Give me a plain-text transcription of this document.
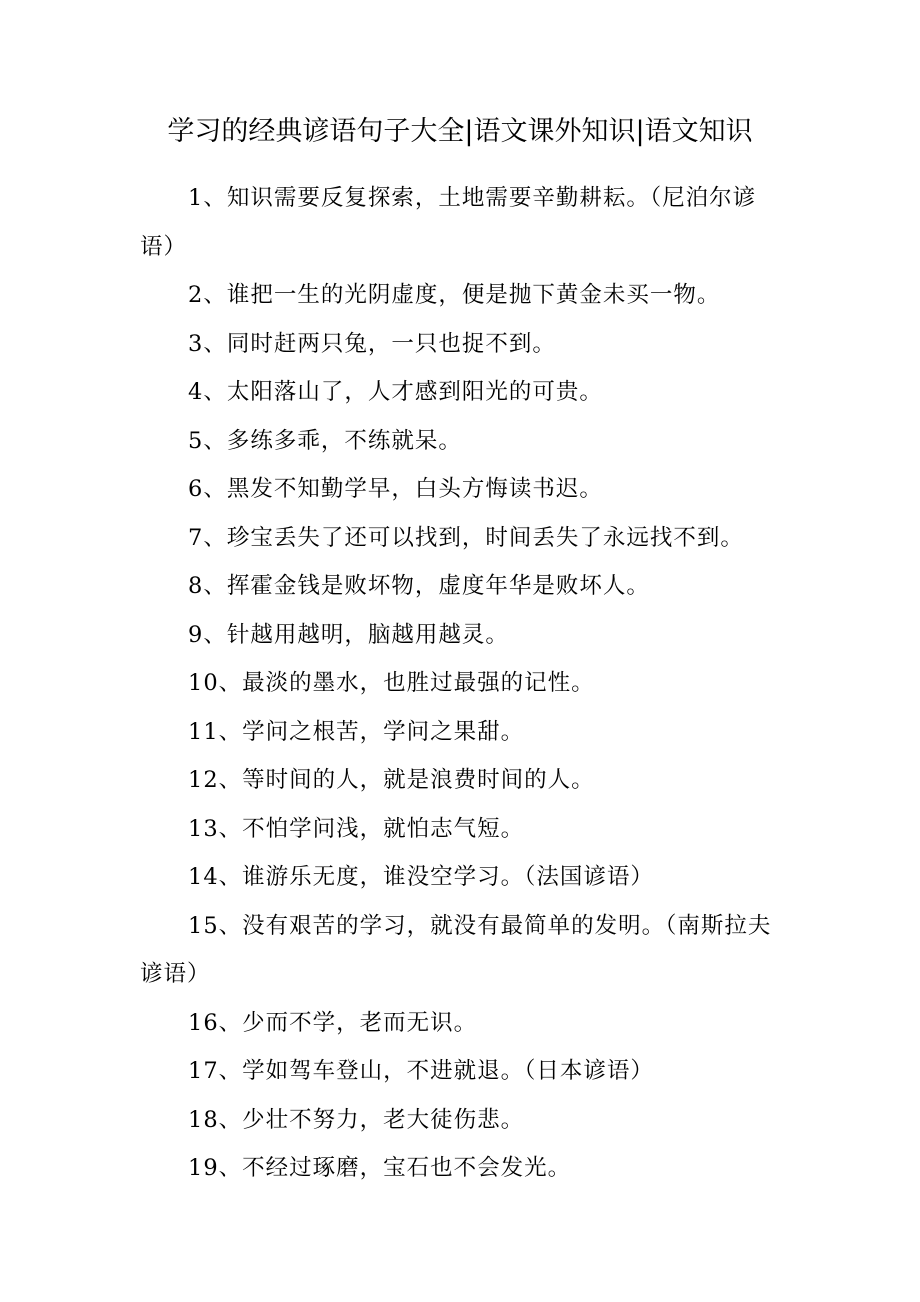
学习的经典谚语句子大全|语文课外知识|语文知识

1、知识需要反复探索，土地需要辛勤耕耘。（尼泊尔谚语）

2、谁把一生的光阴虚度，便是抛下黄金未买一物。

3、同时赶两只兔，一只也捉不到。

4、太阳落山了，人才感到阳光的可贵。

5、多练多乖，不练就呆。

6、黑发不知勤学早，白头方悔读书迟。

7、珍宝丢失了还可以找到，时间丢失了永远找不到。

8、挥霍金钱是败坏物，虚度年华是败坏人。

9、针越用越明，脑越用越灵。

10、最淡的墨水，也胜过最强的记性。

11、学问之根苦，学问之果甜。

12、等时间的人，就是浪费时间的人。

13、不怕学问浅，就怕志气短。

14、谁游乐无度，谁没空学习。（法国谚语）

15、没有艰苦的学习，就没有最简单的发明。（南斯拉夫谚语）

16、少而不学，老而无识。

17、学如驾车登山，不进就退。（日本谚语）

18、少壮不努力，老大徒伤悲。

19、不经过琢磨，宝石也不会发光。
